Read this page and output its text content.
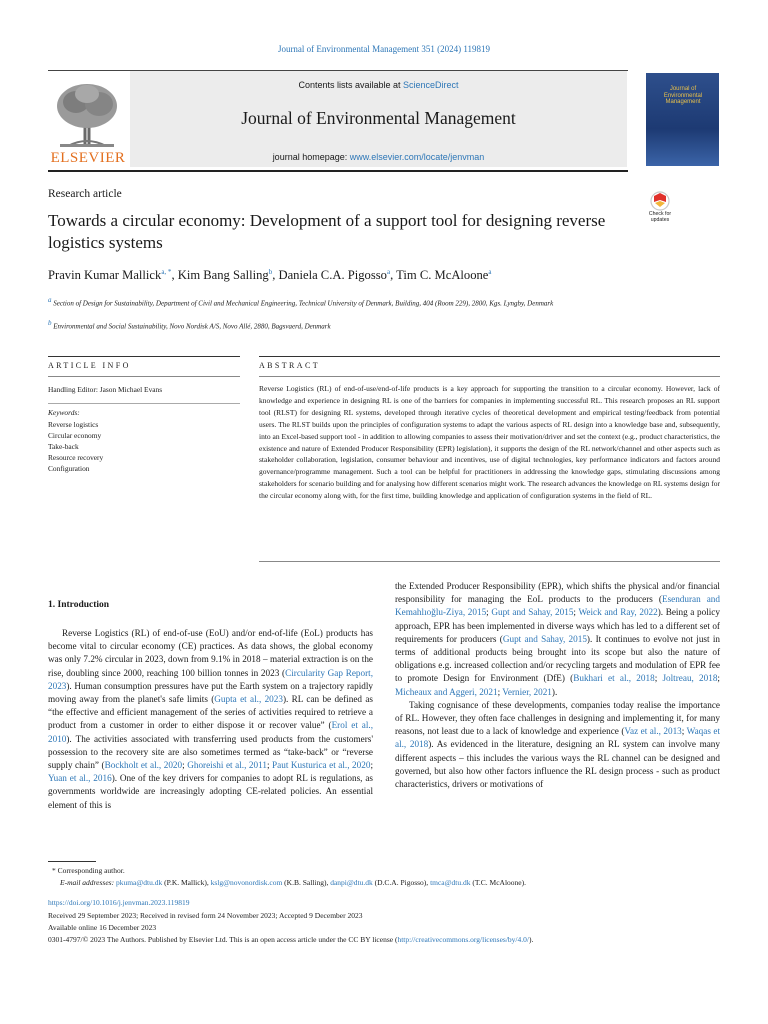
Journal of Environmental Management 351 (2024) 119819
ELSEVIER
Contents lists available at ScienceDirect
Journal of Environmental Management
journal homepage: www.elsevier.com/locate/jenvman
Journal of Environmental Management
Research article
Towards a circular economy: Development of a support tool for designing reverse logistics systems
Check for updates
Pravin Kumar Mallick$^{a, *}$, Kim Bang Salling$^b$, Daniela C.A. Pigosso$^a$, Tim C. McAloone$^a$
$^a$ Section of Design for Sustainability, Department of Civil and Mechanical Engineering, Technical University of Denmark, Building, 404 (Room 229), 2800, Kgs. Lyngby, Denmark
$^b$ Environmental and Social Sustainability, Novo Nordisk A/S, Novo Allé, 2880, Bagsvaerd, Denmark
ARTICLE INFO	ABSTRACT
Handling Editor: Jason Michael Evans
Keywords:
Reverse logistics
Circular economy
Take-back
Resource recovery
Configuration
Reverse Logistics (RL) of end-of-use/end-of-life products is a key approach for supporting the transition to a circular economy. However, lack of knowledge and experience in designing RL is one of the barriers for companies in implementing successful RL. This research proposes an RL support tool (RLST) for designing RL systems, developed through iterative cycles of theoretical development and empirical testing/feedback from potential users. The RLST builds upon the principles of configuration systems to adapt the various aspects of RL design into a knowledge base and, subsequently, into an Excel-based support tool - in addition to allowing companies to assess their motivation/driver and set the context (e.g., product characteristics, the existence and nature of Extended Producer Responsibility (EPR) legislation), it supports the design of the RL network/channel and other aspects such as stakeholder collaboration, legislation, consumer behaviour and incentives, use of digital technologies, key performance indicators and factors around governance/programme management. Such a tool can be helpful for practitioners in addressing the knowledge gaps, stimulating discussions among stakeholders for scenario building and for analysing how different scenarios might work. The research advances the knowledge on RL systems design for the circular economy along with, for the first time, building knowledge and application of configuration systems in the field of RL.
1. Introduction

Reverse Logistics (RL) of end-of-use (EoU) and/or end-of-life (EoL) products has become vital to circular economy (CE) practices. As data shows, the global economy was only 7.2% circular in 2023, down from 9.1% in 2018 – material extraction is on the rise, doubling since 2000, reaching 100 billion tonnes in 2023 (Circularity Gap Report, 2023). Human consumption pressures have put the Earth system on a trajectory rapidly moving away from the planet's safe limits (Gupta et al., 2023). RL can be defined as “the effective and efficient management of the series of activities required to retrieve a product from a customer in order to either dispose it or recover value” (Erol et al., 2010). The activities associated with transferring used products from the customers' possession to the recovery site are also sometimes termed as “take-back” or “reverse supply chain” (Bockholt et al., 2020; Ghoreishi et al., 2011; Paut Kusturica et al., 2020; Yuan et al., 2016). One of the key drivers for companies to adopt RL is regulations, as governments worldwide are increasingly adopting CE-related policies. An essential element of this is

the Extended Producer Responsibility (EPR), which shifts the physical and/or financial responsibility for managing the EoL products to the producers (Esenduran and Kemahlıoğlu-Ziya, 2015; Gupt and Sahay, 2015; Weick and Ray, 2022). Being a policy approach, EPR has been implemented in diverse ways which has led to a different set of requirements for producers (Gupt and Sahay, 2015). It continues to evolve not just in terms of additional products being brought into its scope but also the nature of obligations e.g. increased collection and/or recycling targets and modulation of EPR fee to promote Design for Environment (DfE) (Bukhari et al., 2018; Joltreau, 2018; Micheaux and Aggeri, 2021; Vernier, 2021).

Taking cognisance of these developments, companies today realise the importance of RL. However, they often face challenges in designing and implementing it, for many reasons, not least due to a lack of knowledge and experience (Vaz et al., 2013; Waqas et al., 2018). As evidenced in the literature, designing an RL system can involve many different aspects – this includes the various ways the RL channel can be designed and governed, but also how other factors influence the RL design process - such as product characteristics, drivers or motivations of

* Corresponding author.
E-mail addresses: pkuma@dtu.dk (P.K. Mallick), kslg@novonordisk.com (K.B. Salling), danpi@dtu.dk (D.C.A. Pigosso), tmca@dtu.dk (T.C. McAloone).
https://doi.org/10.1016/j.jenvman.2023.119819
Received 29 September 2023; Received in revised form 24 November 2023; Accepted 9 December 2023
Available online 16 December 2023
0301-4797/© 2023 The Authors. Published by Elsevier Ltd. This is an open access article under the CC BY license (http://creativecommons.org/licenses/by/4.0/).
